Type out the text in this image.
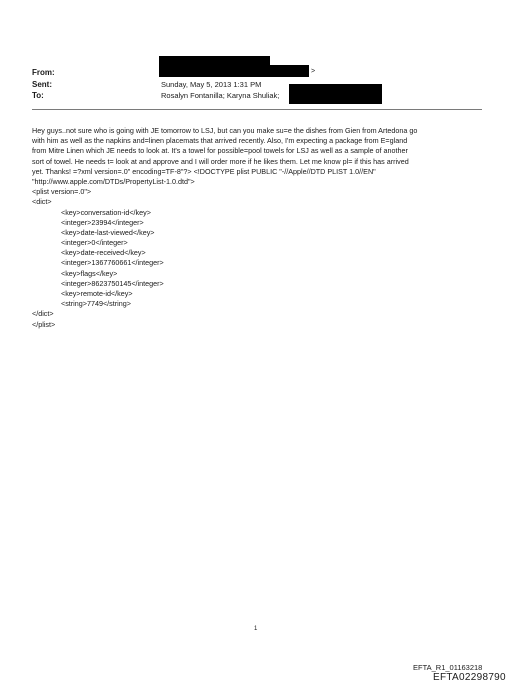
From:
Sent:
To:
>
Sunday, May 5, 2013 1:31 PM
Rosalyn Fontanilla; Karyna Shuliak;
Hey guys..not sure who is going with JE tomorrow to LSJ, but can you make su=e the dishes from Gien from Artedona go
with him as well as the napkins and=linen placemats that arrived recently. Also, I'm expecting a package from E=gland
from Mitre Linen which JE needs to look at. It's a towel for possible=pool towels for LSJ as well as a sample of another
sort of towel. He needs t= look at and approve and I will order more if he likes them. Let me know pl= if this has arrived
yet. Thanks! =?xml version=.0" encoding=TF-8"?> <!DOCTYPE plist PUBLIC "-//Apple//DTD PLIST 1.0//EN"
"http://www.apple.com/DTDs/PropertyList-1.0.dtd">
<plist version=.0">
<dict>
<key>conversation-id</key>
<integer>23994</integer>
<key>date-last-viewed</key>
<integer>0</integer>
<key>date-received</key>
<integer>1367760661</integer>
<key>flags</key>
<integer>8623750145</integer>
<key>remote-id</key>
<string>7749</string>
</dict>
</plist>
1
EFTA_R1_01163218
EFTA02298790
